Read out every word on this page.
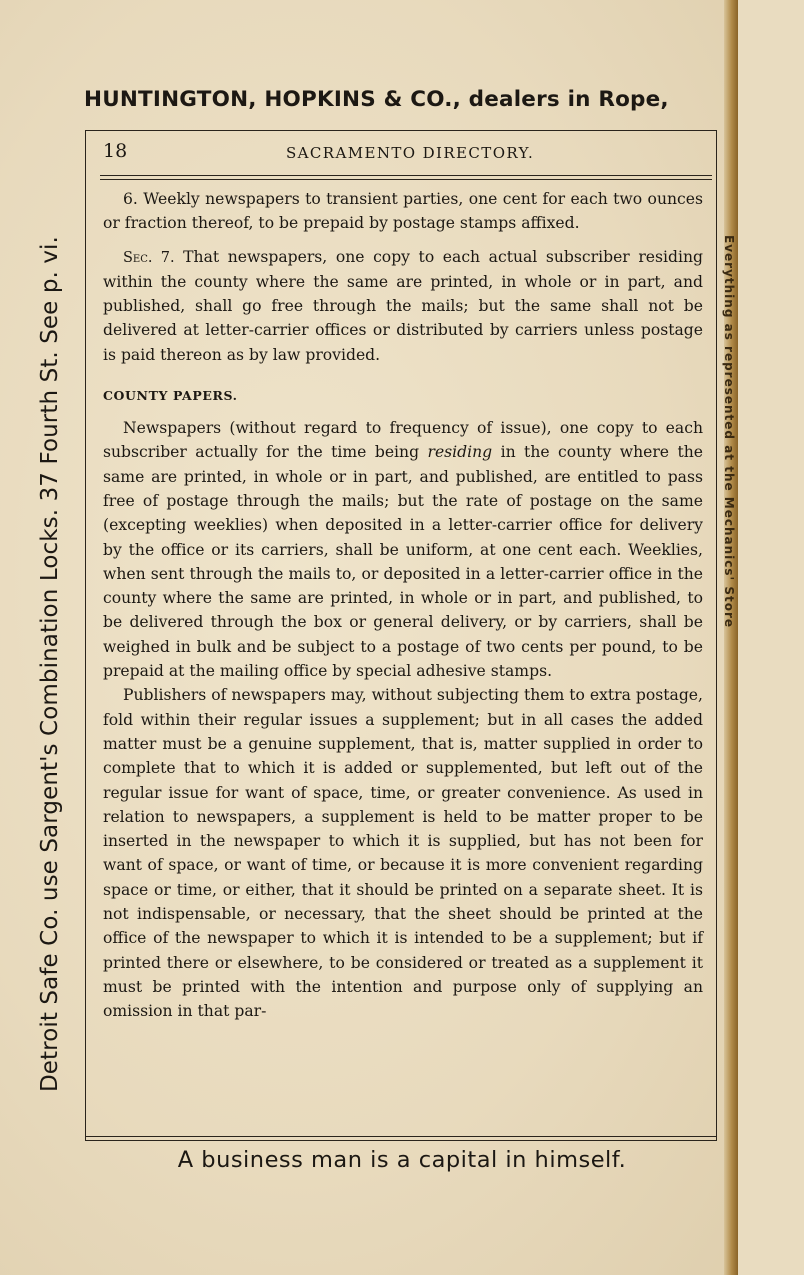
Everything as represented at the Mechanics' Store
HUNTINGTON, HOPKINS & CO., dealers in Rope,
Detroit Safe Co. use Sargent's Combination Locks. 37 Fourth St. See p. vi.
18	SACRAMENTO DIRECTORY.

6. Weekly newspapers to transient parties, one cent for each two ounces or fraction thereof, to be prepaid by postage stamps affixed.

Sec. 7. That newspapers, one copy to each actual subscriber residing within the county where the same are printed, in whole or in part, and published, shall go free through the mails; but the same shall not be delivered at letter-carrier offices or distributed by carriers unless postage is paid thereon as by law provided.

COUNTY PAPERS.

Newspapers (without regard to frequency of issue), one copy to each subscriber actually for the time being residing in the county where the same are printed, in whole or in part, and published, are entitled to pass free of postage through the mails; but the rate of postage on the same (excepting weeklies) when deposited in a letter-carrier office for delivery by the office or its carriers, shall be uniform, at one cent each. Weeklies, when sent through the mails to, or deposited in a letter-carrier office in the county where the same are printed, in whole or in part, and published, to be delivered through the box or general delivery, or by carriers, shall be weighed in bulk and be subject to a postage of two cents per pound, to be prepaid at the mailing office by special adhesive stamps.

Publishers of newspapers may, without subjecting them to extra postage, fold within their regular issues a supplement; but in all cases the added matter must be a genuine supplement, that is, matter supplied in order to complete that to which it is added or supplemented, but left out of the regular issue for want of space, time, or greater convenience. As used in relation to newspapers, a supplement is held to be matter proper to be inserted in the newspaper to which it is supplied, but has not been for want of space, or want of time, or because it is more convenient regarding space or time, or either, that it should be printed on a separate sheet. It is not indispensable, or necessary, that the sheet should be printed at the office of the newspaper to which it is intended to be a supplement; but if printed there or elsewhere, to be considered or treated as a supplement it must be printed with the intention and purpose only of supplying an omission in that par-

A business man is a capital in himself.
